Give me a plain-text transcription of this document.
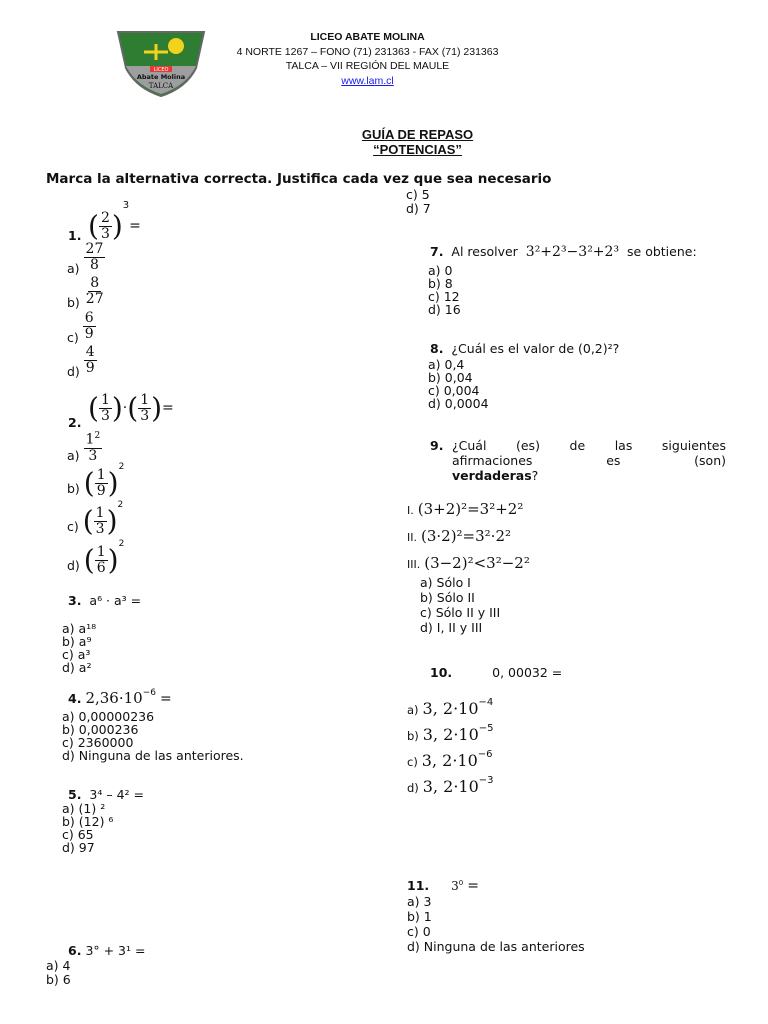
LICEO
Abate Molina
TALCA
LICEO ABATE MOLINA
4 NORTE 1267 – FONO (71) 231363 - FAX (71) 231363
TALCA – VII REGIÓN DEL MAULE
www.lam.cl
GUÍA DE REPASO
“POTENCIAS”
Marca la alternativa correcta. Justifica cada vez que sea necesario
1. ( $\frac{2}{3} )^3=$
$a) \frac{27}{8}$
$b) \frac{8}{27}$
$c) \frac{6}{9}$
$d) \frac{4}{9}$
2. ( $\frac{1}{3}$ )·( $\frac{1}{3}$ )=
$a) \frac{1^2}{3}$
b) ( $\frac{1}{9} )^2$
c) ( $\frac{1}{3} )^2$
d) ( $\frac{1}{6} )^2$
3. a⁶ · a³ =
a) a¹⁸
b) a⁹
c) a³
d) a²
4. $2,36\cdot 10^{-6}$ =
a) 0,00000236
b) 0,000236
c) 2360000
d) Ninguna de las anteriores.
5. 3⁴ – 4² =
a) (1) ²
b) (12) ⁶
c) 65
d) 97
6. 3° + 3¹ =
a) 4
b) 6
c) 5
d) 7
7. Al resolver 3²+2³−3²+2³ se obtiene:
a) 0
b) 8
c) 12
d) 16
8. ¿Cuál es el valor de (0,2)²?
a) 0,4
b) 0,04
c) 0,004
d) 0,0004
9. ¿Cuál (es) de las siguientes
afirmaciones	es	(son)
verdaderas?
I. (3+2)²=3²+2²
II. (3·2)²=3²·2²
III. (3−2)²<3²−2²
a) Sólo I
b) Sólo II
c) Sólo II y III
d) I, II y III
10.	0, 00032 =
a) 3, $2\cdot 10^{-4}$
b) 3, $2\cdot 10^{-5}$
c) 3, $2\cdot 10^{-6}$
d) 3, $2\cdot 10^{-3}$
11. $3^0$ =
a) 3
b) 1
c) 0
d) Ninguna de las anteriores
